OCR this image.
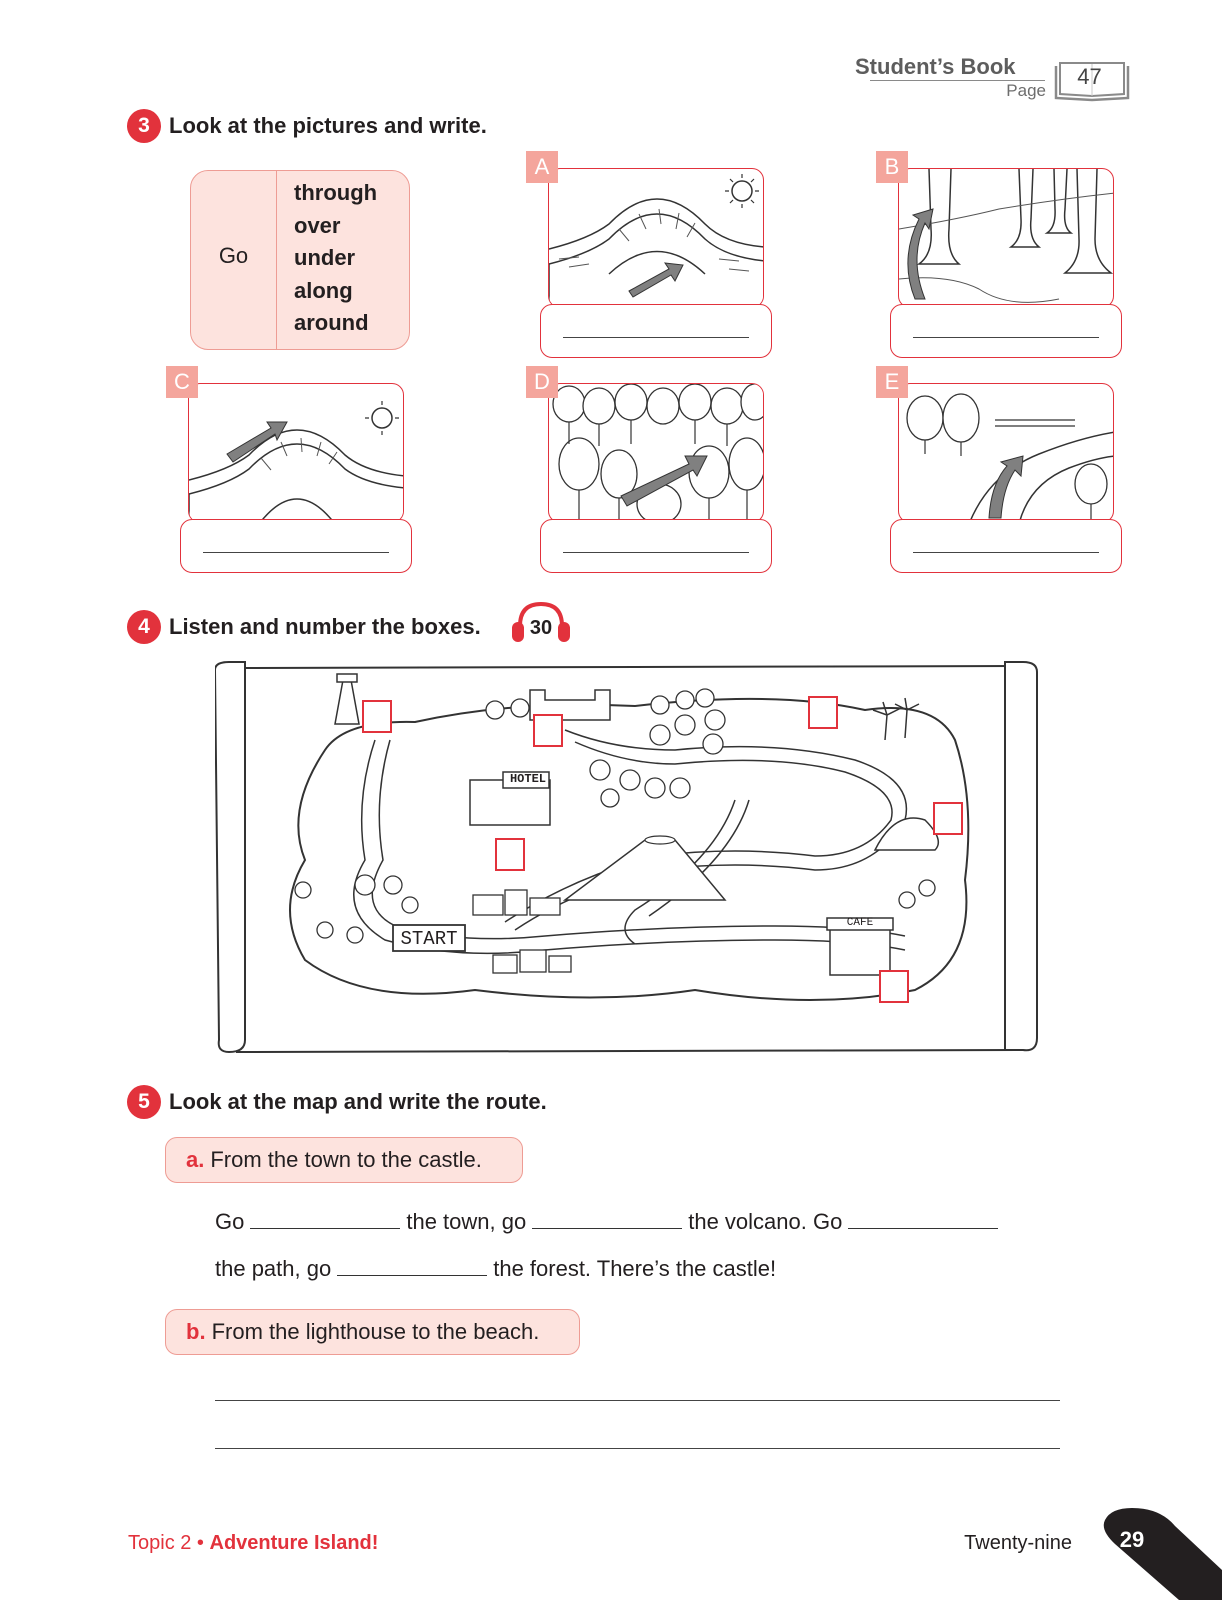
Student’s Book
Page
47
3 Look at the pictures and write.
Go
through
over
under
along
around
A	B
C	D	E
4 Listen and number the boxes. 30
HOTEL
START
CAFE
5 Look at the map and write the route.
a. From the town to the castle.
Go	the town, go	the volcano. Go
the path, go	the forest. There’s the castle!
b. From the lighthouse to the beach.
Topic 2 • Adventure Island!	Twenty-nine	29
